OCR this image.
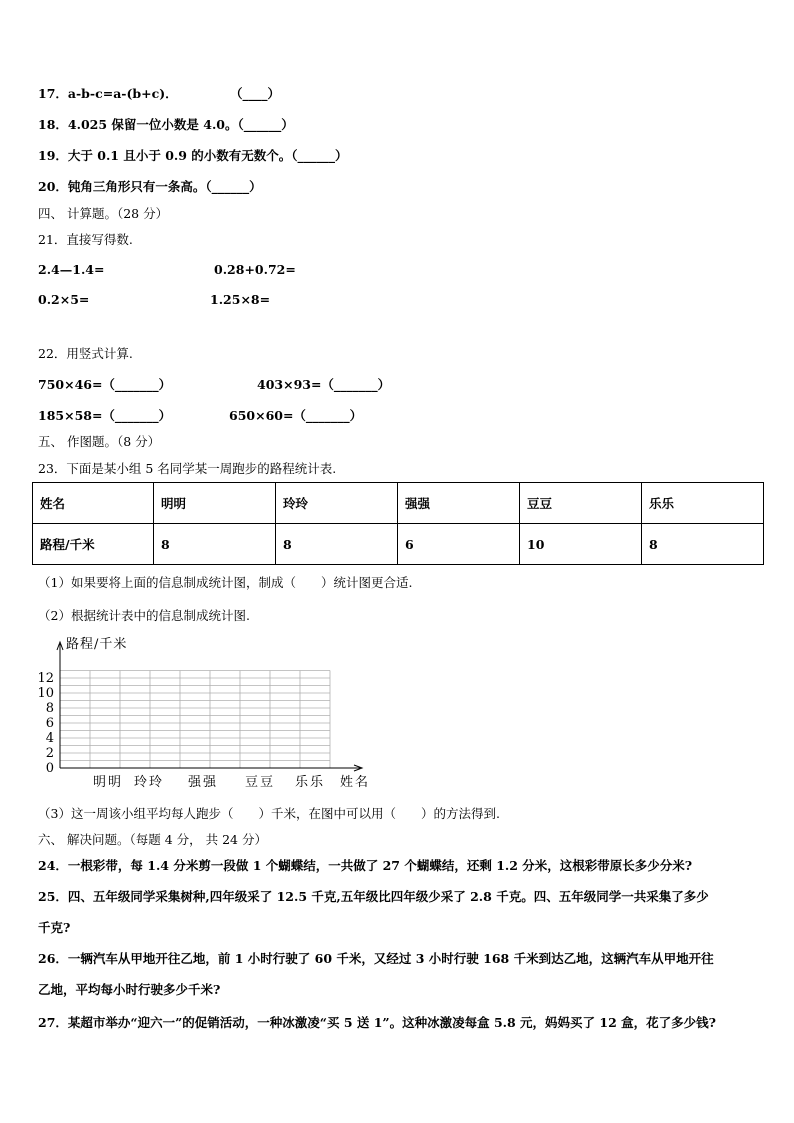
17．a-b-c=a-(b+c)．	（____）
18．4.025 保留一位小数是 4.0。（______）
19．大于 0.1 且小于 0.9 的小数有无数个。（______）
20．钝角三角形只有一条高。（______）
四、 计算题。（28 分）
21．直接写得数.
2.4—1.4=	0.28+0.72=
0.2×5=	1.25×8=
22．用竖式计算.
750×46=（_______）	403×93=（_______）
185×58=（_______）	650×60=（_______）
五、 作图题。（8 分）
23．下面是某小组 5 名同学某一周跑步的路程统计表.
姓名	明明	玲玲	强强	豆豆	乐乐
路程/千米	8	8	6	10	8
（1）如果要将上面的信息制成统计图，制成（　　）统计图更合适.
（2）根据统计表中的信息制成统计图.
0
2
4
6
8
10
12
路程/千米
明明 玲玲 强强 豆豆 乐乐 姓名
（3）这一周该小组平均每人跑步（　　）千米，在图中可以用（　　）的方法得到.
六、 解决问题。（每题 4 分， 共 24 分）
24．一根彩带，每 1.4 分米剪一段做 1 个蝴蝶结，一共做了 27 个蝴蝶结，还剩 1.2 分米，这根彩带原长多少分米?
25．四、五年级同学采集树种,四年级采了 12.5 千克,五年级比四年级少采了 2.8 千克。四、五年级同学一共采集了多少
千克?
26．一辆汽车从甲地开往乙地，前 1 小时行驶了 60 千米，又经过 3 小时行驶 168 千米到达乙地，这辆汽车从甲地开往
乙地，平均每小时行驶多少千米?
27．某超市举办“迎六一”的促销活动，一种冰激凌“买 5 送 1”。这种冰激凌每盒 5.8 元，妈妈买了 12 盒，花了多少钱?
